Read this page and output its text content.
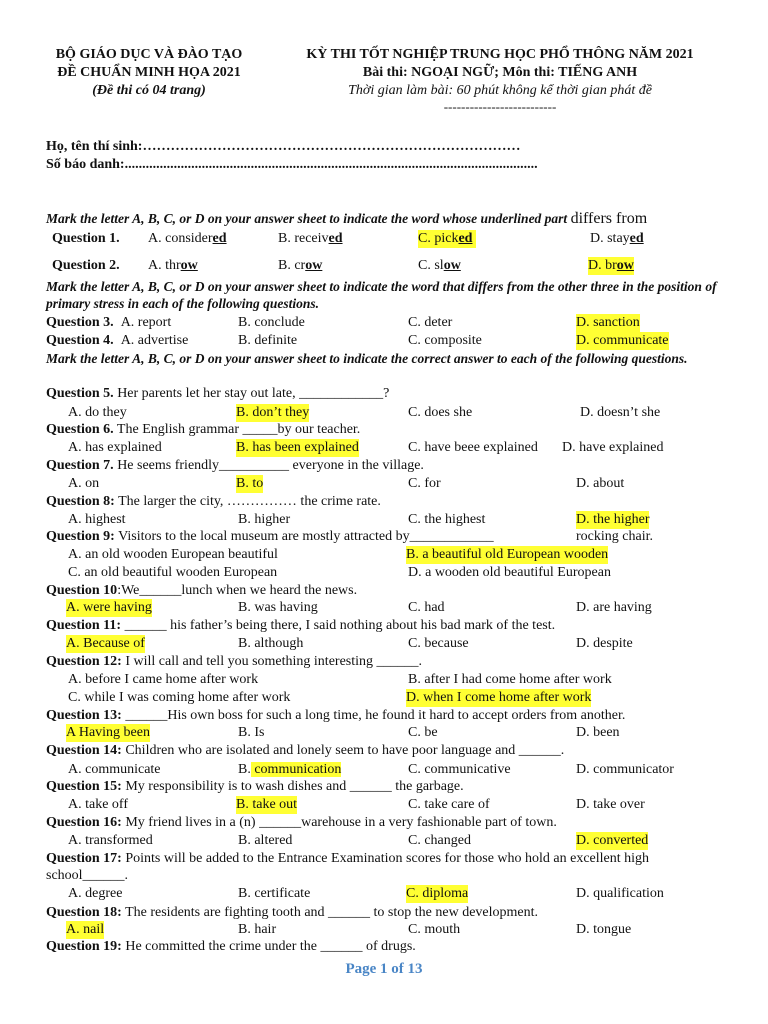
BỘ GIÁO DỤC VÀ ĐÀO TẠO
ĐỀ CHUẨN MINH HỌA 2021
(Đề thi có 04 trang)
KỲ THI TỐT NGHIỆP TRUNG HỌC PHỔ THÔNG NĂM 2021
Bài thi: NGOẠI NGỮ; Môn thi: TIẾNG ANH
Thời gian làm bài: 60 phút không kể thời gian phát đề
--------------------------
Họ, tên thí sinh:………………………………………………………………………
Số báo danh:......................................................................................................................
Mark the letter A, B, C, or D on your answer sheet to indicate the word whose underlined part differs from
Question 1. A. considered	B. received	C. picked	D. stayed
Question 2. A. throw	B. crow	C. slow	D. brow
Mark the letter A, B, C, or D on your answer sheet to indicate the word that differs from the other three in the position of primary stress in each of the following questions.
Question 3. A. report	B. conclude	C. deter	D. sanction
Question 4. A. advertise	B. definite	C. composite	D. communicate
Mark the letter A, B, C, or D on your answer sheet to indicate the correct answer to each of the following questions.
Question 5. Her parents let her stay out late, ____________?
A. do they	B. don’t they	C. does she	D. doesn’t she
Question 6. The English grammar _____by our teacher.
A. has explained	B. has been explained	C. have beee explained D. have explained
Question 7. He seems friendly__________ everyone in the village.
A. on	B. to	C. for	D. about
Question 8: The larger the city, …………… the crime rate.
A. highest	B. higher	C. the highest	D. the higher
Question 9: Visitors to the local museum are mostly attracted by____________	rocking chair.
A. an old wooden European beautiful	B. a beautiful old European wooden
C. an old beautiful wooden European	D. a wooden old beautiful European
Question 10:We______lunch when we heard the news.
A. were having	B. was having	C. had	D. are having
Question 11: ______ his father’s being there, I said nothing about his bad mark of the test.
A. Because of	B. although	C. because	D. despite
Question 12: I will call and tell you something interesting ______.
A. before I came home after work	B. after I had come home after work
C. while I was coming home after work	D. when I come home after work
Question 13: ______His own boss for such a long time, he found it hard to accept orders from another.
A Having been	B. Is	C. be	D. been
Question 14: Children who are isolated and lonely seem to have poor language and ______.
A. communicate	B. communication	C. communicative	D. communicator
Question 15: My responsibility is to wash dishes and ______ the garbage.
A. take off	B. take out	C. take care of	D. take over
Question 16: My friend lives in a (n) ______warehouse in a very fashionable part of town.
A. transformed	B. altered	C. changed	D. converted
Question 17: Points will be added to the Entrance Examination scores for those who hold an excellent high
school______.
A. degree	B. certificate	C. diploma	D. qualification
Question 18: The residents are fighting tooth and ______ to stop the new development.
A. nail	B. hair	C. mouth	D. tongue
Question 19: He committed the crime under the ______ of drugs.
Page 1 of 13
